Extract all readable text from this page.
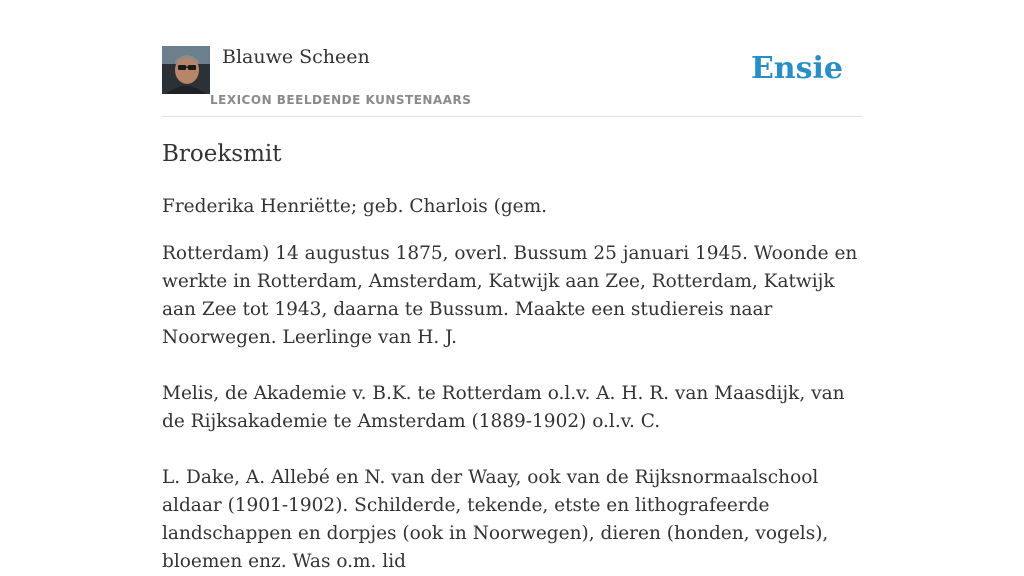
Blauwe Scheen
LEXICON BEELDENDE KUNSTENAARS
Ensie
Broeksmit

Frederika Henriëtte; geb. Charlois (gem.

Rotterdam) 14 augustus 1875, overl. Bussum 25 januari 1945. Woonde en werkte in Rotterdam, Amsterdam, Katwijk aan Zee, Rotterdam, Katwijk aan Zee tot 1943, daarna te Bussum. Maakte een studiereis naar Noorwegen. Leerlinge van H. J.

Melis, de Akademie v. B.K. te Rotterdam o.l.v. A. H. R. van Maasdijk, van de Rijksakademie te Amsterdam (1889-1902) o.l.v. C.

L. Dake, A. Allebé en N. van der Waay, ook van de Rijksnormaalschool aldaar (1901-1902). Schilderde, tekende, etste en lithografeerde landschappen en dorpjes (ook in Noorwegen), dieren (honden, vogels), bloemen enz. Was o.m. lid
